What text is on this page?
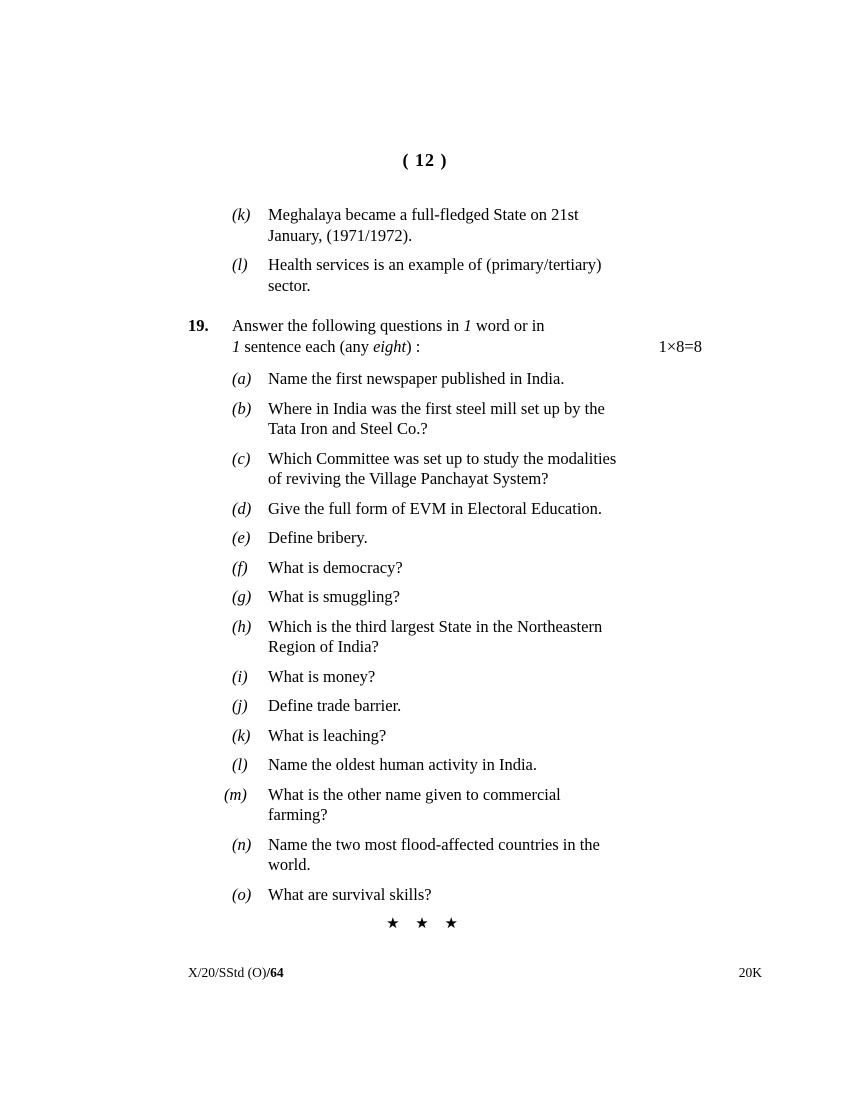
( 12 )
(k)	Meghalaya became a full-fledged State on 21st
January, (1971/1972).
(l)	Health services is an example of (primary/tertiary)
sector.
19.	Answer the following questions in 1 word or in
1 sentence each (any eight) :	1×8=8
(a)	Name the first newspaper published in India.
(b)	Where in India was the first steel mill set up by the
Tata Iron and Steel Co.?
(c)	Which Committee was set up to study the modalities
of reviving the Village Panchayat System?
(d)	Give the full form of EVM in Electoral Education.
(e)	Define bribery.
(f)	What is democracy?
(g)	What is smuggling?
(h)	Which is the third largest State in the Northeastern
Region of India?
(i)	What is money?
(j)	Define trade barrier.
(k)	What is leaching?
(l)	Name the oldest human activity in India.
(m)	What is the other name given to commercial
farming?
(n)	Name the two most flood-affected countries in the
world.
(o)	What are survival skills?
★ ★ ★
X/20/SStd (O)/64	20K
